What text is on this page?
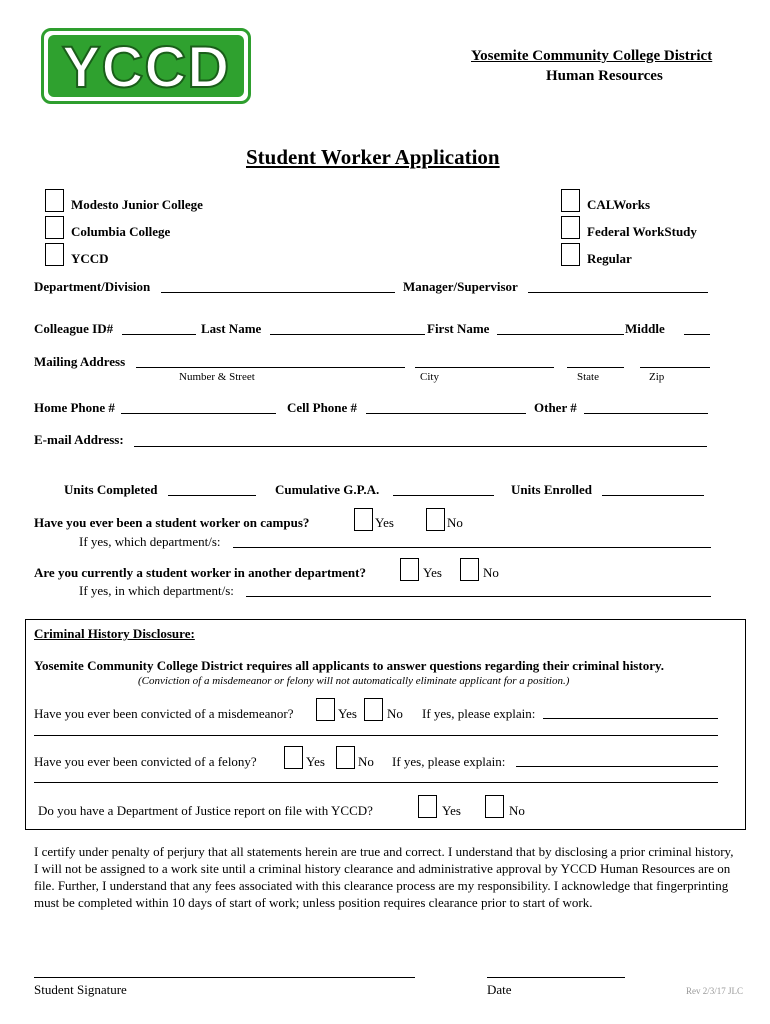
YCCD	Yosemite Community College District
Human Resources
Student Worker Application
Modesto Junior College
Columbia College
YCCD
CALWorks
Federal WorkStudy
Regular
Department/Division	Manager/Supervisor
Colleague ID#	Last Name	First Name	Middle
Mailing Address
Number & Street	City	State	Zip
Home Phone #	Cell Phone #	Other #
E-mail Address:
Units Completed	Cumulative G.P.A.	Units Enrolled
Have you ever been a student worker on campus?	Yes	No
If yes, which department/s:
Are you currently a student worker in another department?	Yes	No
If yes, in which department/s:
Criminal History Disclosure:
Yosemite Community College District requires all applicants to answer questions regarding their criminal history.
(Conviction of a misdemeanor or felony will not automatically eliminate applicant for a position.)
Have you ever been convicted of a misdemeanor?	Yes No If yes, please explain:
Have you ever been convicted of a felony?	Yes	No If yes, please explain:
Do you have a Department of Justice report on file with YCCD?	Yes	No
I certify under penalty of perjury that all statements herein are true and correct. I understand that by disclosing a prior criminal history, I will not be assigned to a work site until a criminal history clearance and administrative approval by YCCD Human Resources are on file. Further, I understand that any fees associated with this clearance process are my responsibility. I acknowledge that fingerprinting must be completed within 10 days of start of work; unless position requires clearance prior to start of work.
Student Signature	Date	Rev 2/3/17 JLC
